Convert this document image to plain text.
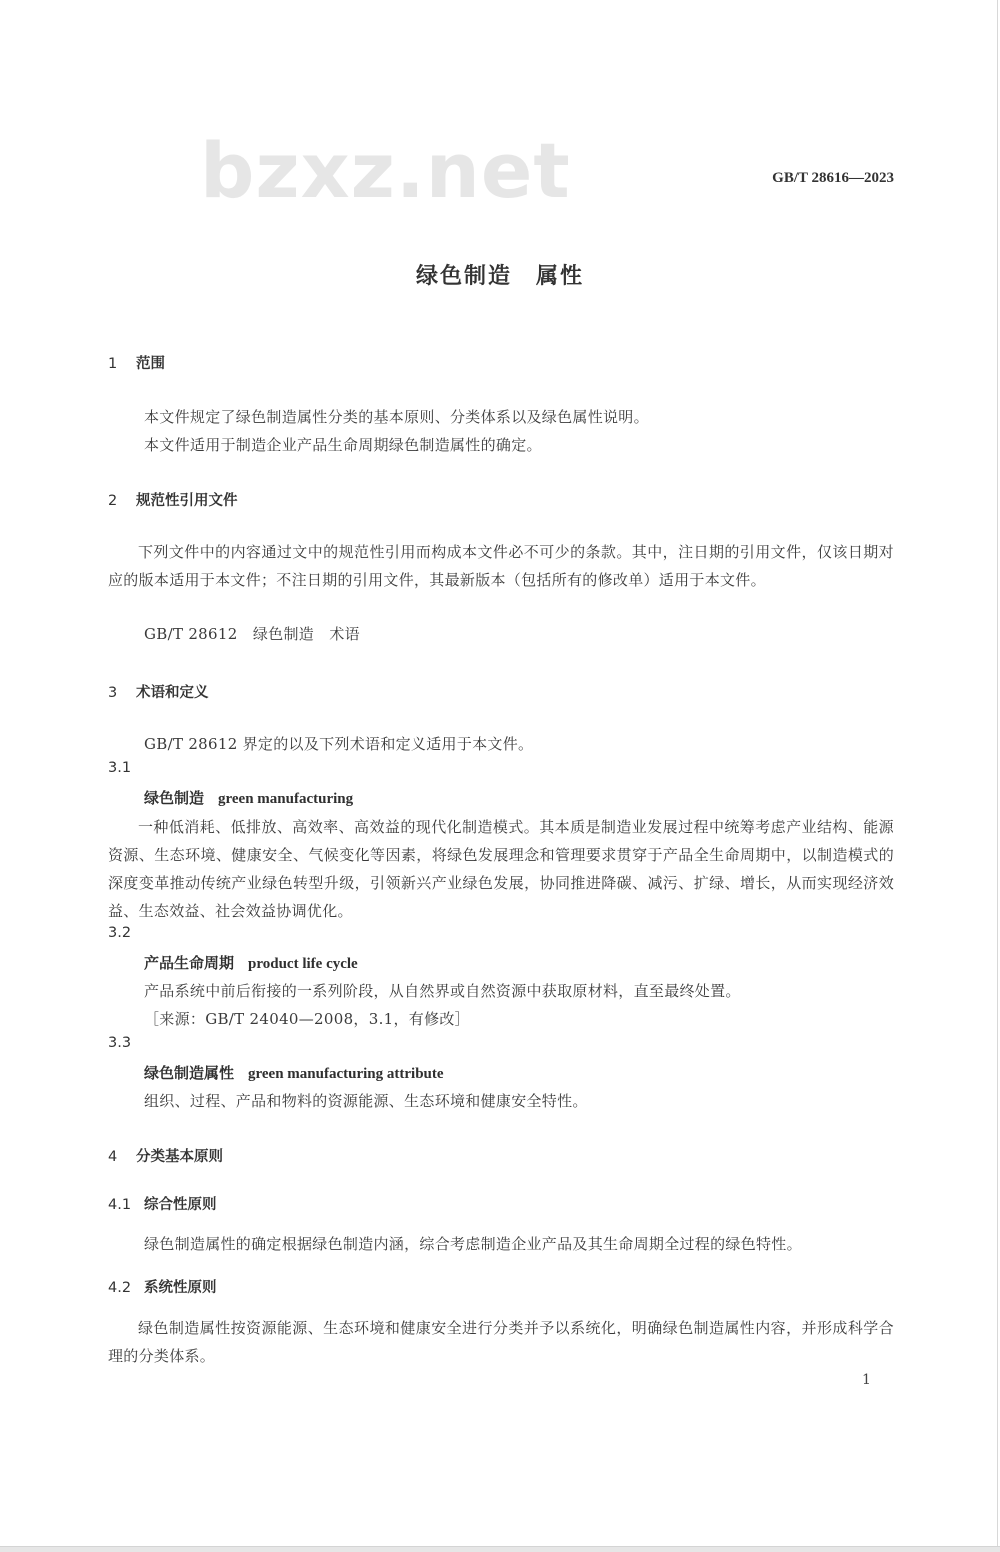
bzxz.net	GB/T 28616—2023
绿色制造　属性
1 范围
本文件规定了绿色制造属性分类的基本原则、分类体系以及绿色属性说明。
本文件适用于制造企业产品生命周期绿色制造属性的确定。
2 规范性引用文件
下列文件中的内容通过文中的规范性引用而构成本文件必不可少的条款。其中，注日期的引用文件，仅该日期对应的版本适用于本文件；不注日期的引用文件，其最新版本（包括所有的修改单）适用于本文件。
GB/T 28612　绿色制造　术语
3 术语和定义
GB/T 28612 界定的以及下列术语和定义适用于本文件。
3.1
绿色制造 green manufacturing
一种低消耗、低排放、高效率、高效益的现代化制造模式。其本质是制造业发展过程中统筹考虑产业结构、能源资源、生态环境、健康安全、气候变化等因素，将绿色发展理念和管理要求贯穿于产品全生命周期中，以制造模式的深度变革推动传统产业绿色转型升级，引领新兴产业绿色发展，协同推进降碳、减污、扩绿、增长，从而实现经济效益、生态效益、社会效益协调优化。
3.2
产品生命周期 product life cycle
产品系统中前后衔接的一系列阶段，从自然界或自然资源中获取原材料，直至最终处置。
［来源：GB/T 24040—2008，3.1，有修改］
3.3
绿色制造属性 green manufacturing attribute
组织、过程、产品和物料的资源能源、生态环境和健康安全特性。
4 分类基本原则
4.1 综合性原则
绿色制造属性的确定根据绿色制造内涵，综合考虑制造企业产品及其生命周期全过程的绿色特性。
4.2 系统性原则
绿色制造属性按资源能源、生态环境和健康安全进行分类并予以系统化，明确绿色制造属性内容，并形成科学合理的分类体系。
1
